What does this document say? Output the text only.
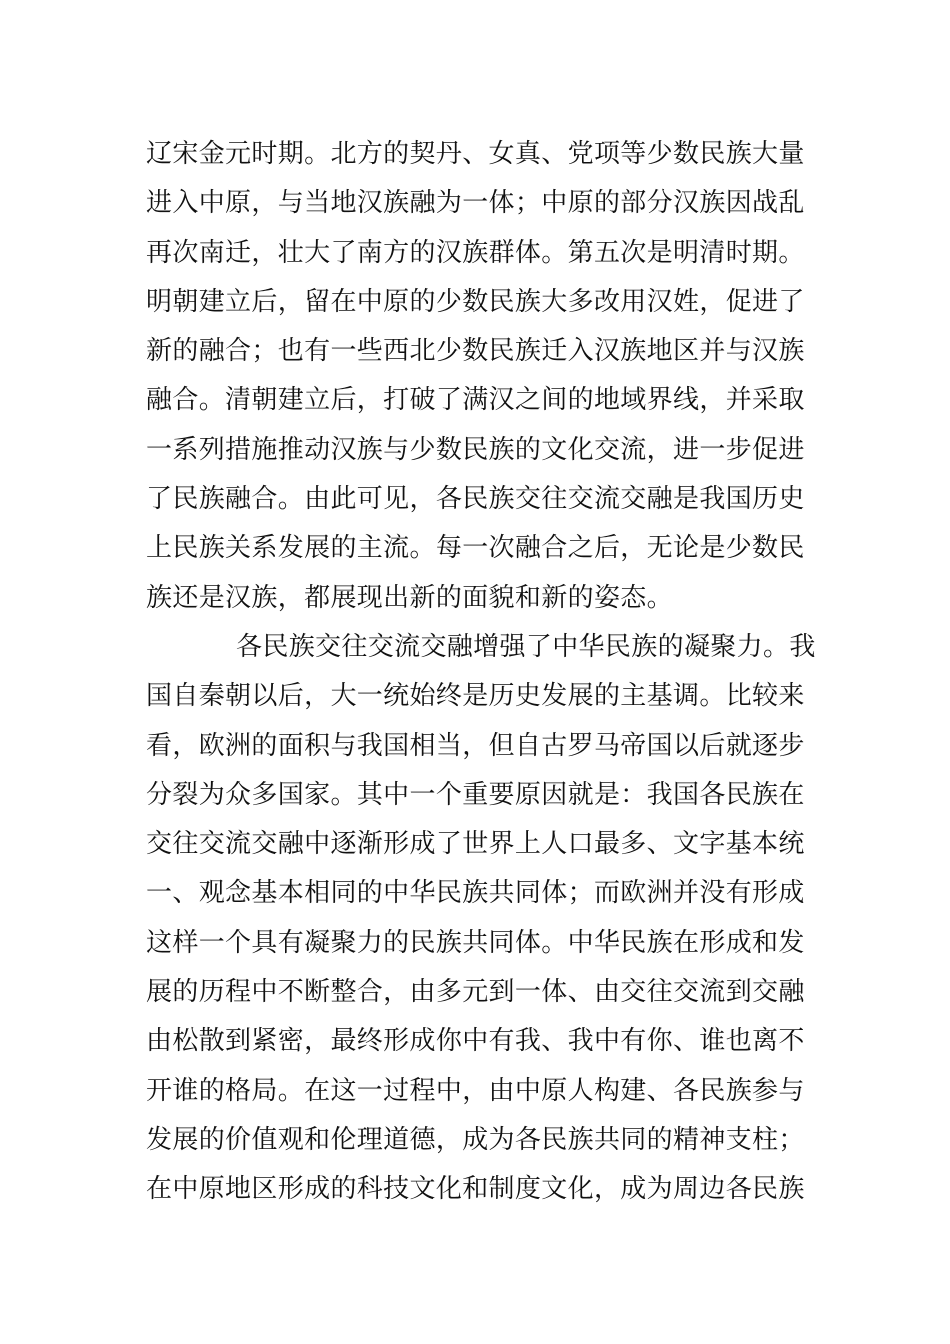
辽宋金元时期。北方的契丹、女真、党项等少数民族大量
进入中原，与当地汉族融为一体；中原的部分汉族因战乱
再次南迁，壮大了南方的汉族群体。第五次是明清时期。
明朝建立后，留在中原的少数民族大多改用汉姓，促进了
新的融合；也有一些西北少数民族迁入汉族地区并与汉族
融合。清朝建立后，打破了满汉之间的地域界线，并采取
一系列措施推动汉族与少数民族的文化交流，进一步促进
了民族融合。由此可见，各民族交往交流交融是我国历史
上民族关系发展的主流。每一次融合之后，无论是少数民
族还是汉族，都展现出新的面貌和新的姿态。
各民族交往交流交融增强了中华民族的凝聚力。我
国自秦朝以后，大一统始终是历史发展的主基调。比较来
看，欧洲的面积与我国相当，但自古罗马帝国以后就逐步
分裂为众多国家。其中一个重要原因就是：我国各民族在
交往交流交融中逐渐形成了世界上人口最多、文字基本统
一、观念基本相同的中华民族共同体；而欧洲并没有形成
这样一个具有凝聚力的民族共同体。中华民族在形成和发
展的历程中不断整合，由多元到一体、由交往交流到交融
由松散到紧密，最终形成你中有我、我中有你、谁也离不
开谁的格局。在这一过程中，由中原人构建、各民族参与
发展的价值观和伦理道德，成为各民族共同的精神支柱；
在中原地区形成的科技文化和制度文化，成为周边各民族
